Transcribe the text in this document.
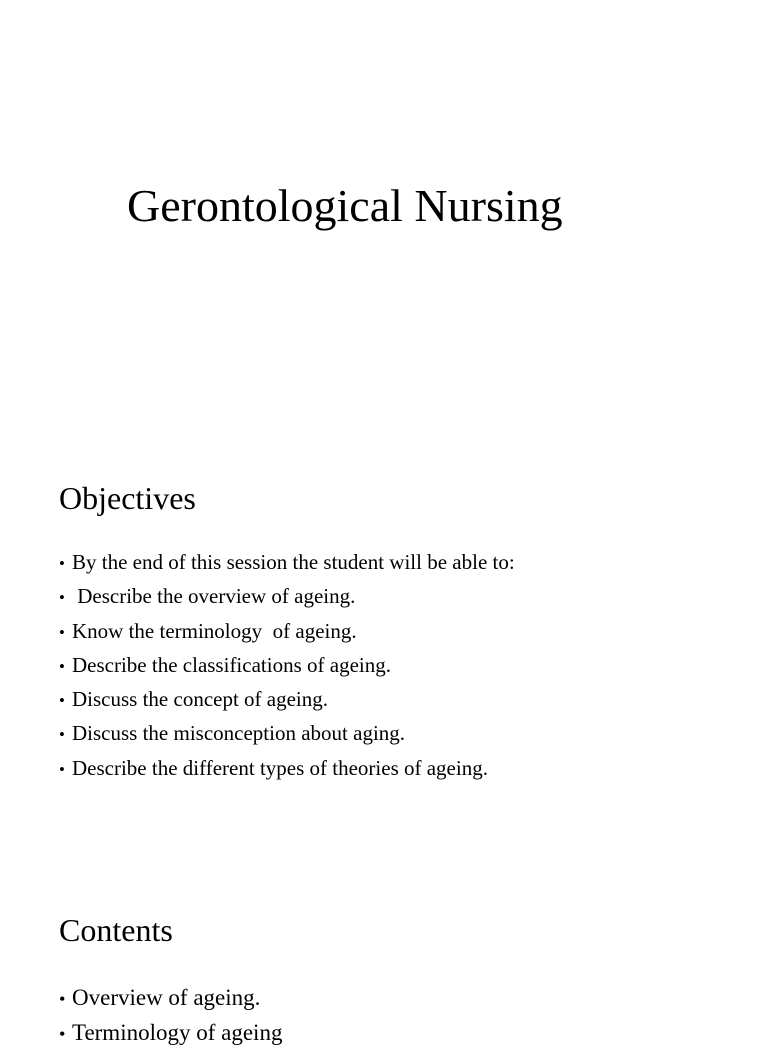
Gerontological Nursing
Objectives
• By the end of this session the student will be able to:
• Describe the overview of ageing.
• Know the terminology  of ageing.
• Describe the classifications of ageing.
• Discuss the concept of ageing.
• Discuss the misconception about aging.
• Describe the different types of theories of ageing.
Contents
• Overview of ageing.
• Terminology of ageing
